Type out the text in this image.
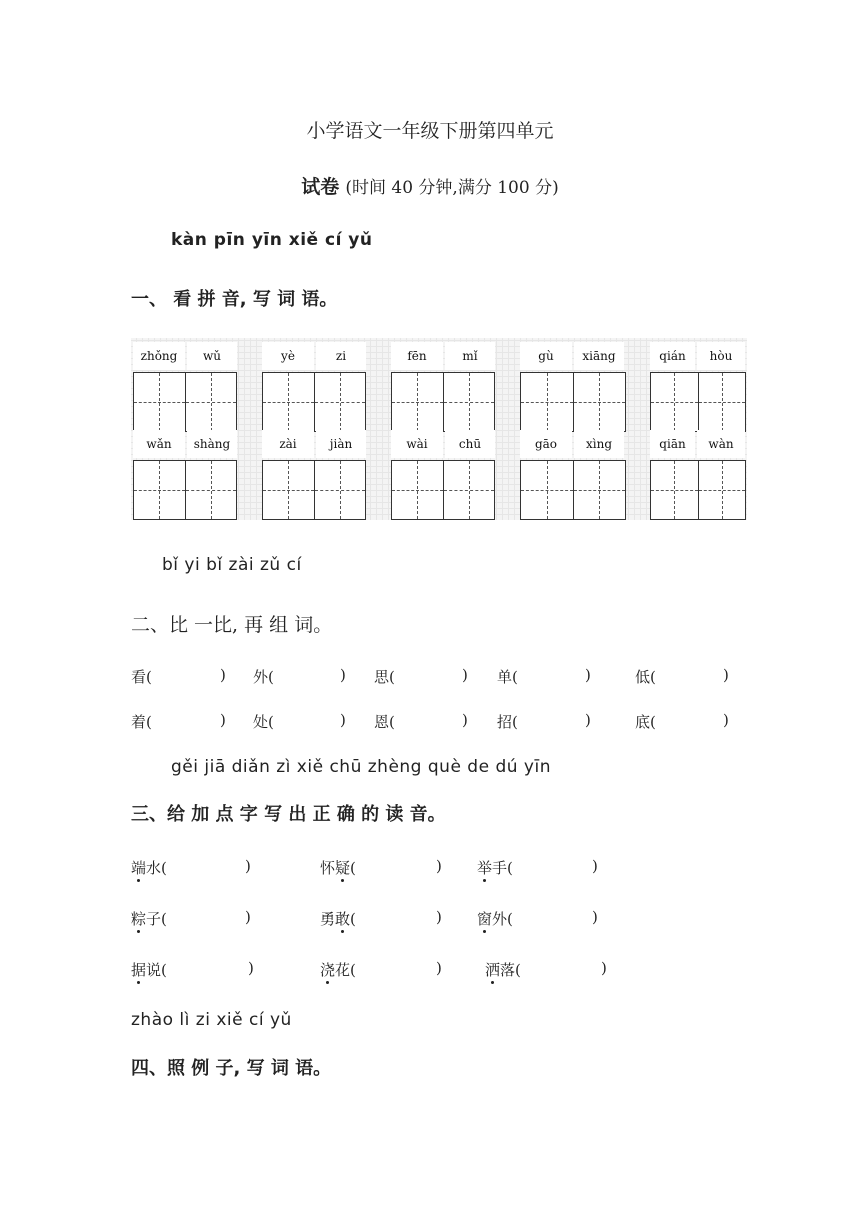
小学语文一年级下册第四单元
试卷 (时间 40 分钟,满分 100 分)
kàn pīn yīn xiě cí yǔ
一、 看 拼 音, 写 词 语。
zhǒng	wǔ	yè	zi	fēn	mǐ	gù	xiāng	qián	hòu
wǎn	shàng	zài	jiàn	wài	chū	gāo	xìng	qiān	wàn
bǐ yi bǐ zài zǔ cí
二、比 一比, 再 组 词。
看(	) 外(	) 思(	) 单(	)	低(	)
着(	) 处(	) 恩(	) 招(	)	底(	)
gěi jiā diǎn zì xiě chū zhèng què de dú yīn
三、给 加 点 字 写 出 正 确 的 读 音。
端水(	)	怀疑(	) 举手(	)
粽子(	)	勇敢(	) 窗外(	)
据说(	)	浇花(	)	洒落(	)
zhào lì zi xiě cí yǔ
四、照 例 子, 写 词 语。
